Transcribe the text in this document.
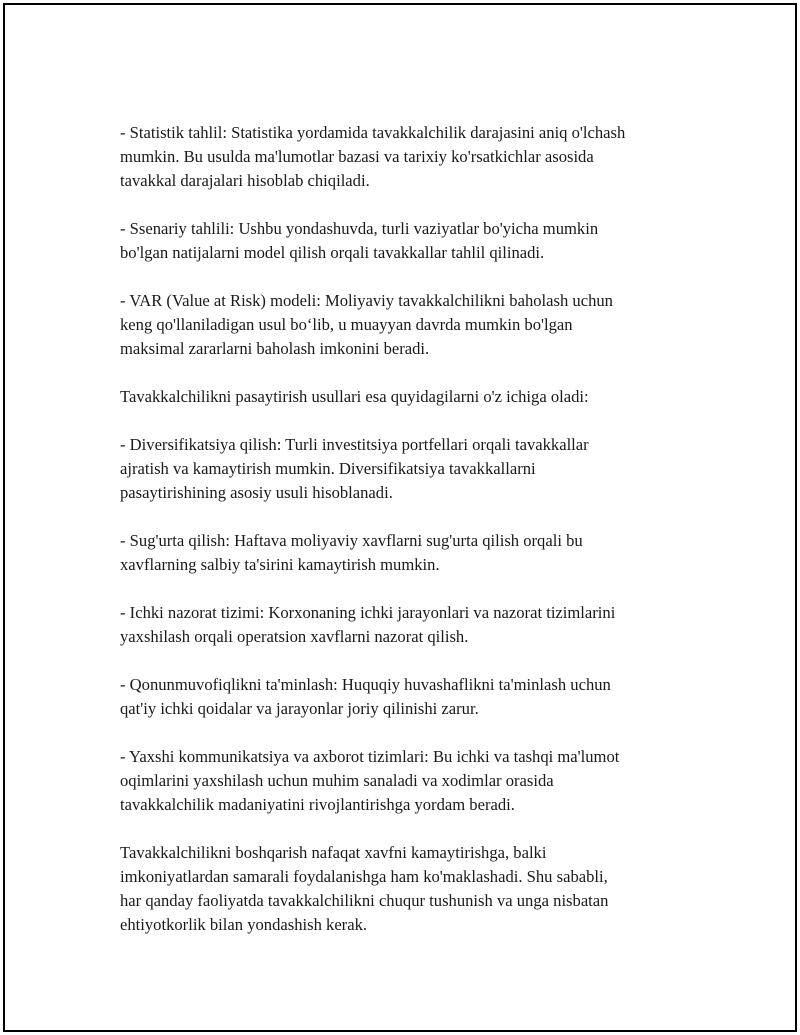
- Statistik tahlil: Statistika yordamida tavakkalchilik darajasini aniq o'lchash
mumkin. Bu usulda ma'lumotlar bazasi va tarixiy ko'rsatkichlar asosida
tavakkal darajalari hisoblab chiqiladi.

- Ssenariy tahlili: Ushbu yondashuvda, turli vaziyatlar bo'yicha mumkin
bo'lgan natijalarni model qilish orqali tavakkallar tahlil qilinadi.

- VAR (Value at Risk) modeli: Moliyaviy tavakkalchilikni baholash uchun
keng qo'llaniladigan usul bo‘lib, u muayyan davrda mumkin bo'lgan
maksimal zararlarni baholash imkonini beradi.

Tavakkalchilikni pasaytirish usullari esa quyidagilarni o'z ichiga oladi:

- Diversifikatsiya qilish: Turli investitsiya portfellari orqali tavakkallar
ajratish va kamaytirish mumkin. Diversifikatsiya tavakkallarni
pasaytirishining asosiy usuli hisoblanadi.

- Sug'urta qilish: Haftava moliyaviy xavflarni sug'urta qilish orqali bu
xavflarning salbiy ta'sirini kamaytirish mumkin.

- Ichki nazorat tizimi: Korxonaning ichki jarayonlari va nazorat tizimlarini
yaxshilash orqali operatsion xavflarni nazorat qilish.

- Qonunmuvofiqlikni ta'minlash: Huquqiy huvashaflikni ta'minlash uchun
qat'iy ichki qoidalar va jarayonlar joriy qilinishi zarur.

- Yaxshi kommunikatsiya va axborot tizimlari: Bu ichki va tashqi ma'lumot
oqimlarini yaxshilash uchun muhim sanaladi va xodimlar orasida
tavakkalchilik madaniyatini rivojlantirishga yordam beradi.

Tavakkalchilikni boshqarish nafaqat xavfni kamaytirishga, balki
imkoniyatlardan samarali foydalanishga ham ko'maklashadi. Shu sababli,
har qanday faoliyatda tavakkalchilikni chuqur tushunish va unga nisbatan
ehtiyotkorlik bilan yondashish kerak.
